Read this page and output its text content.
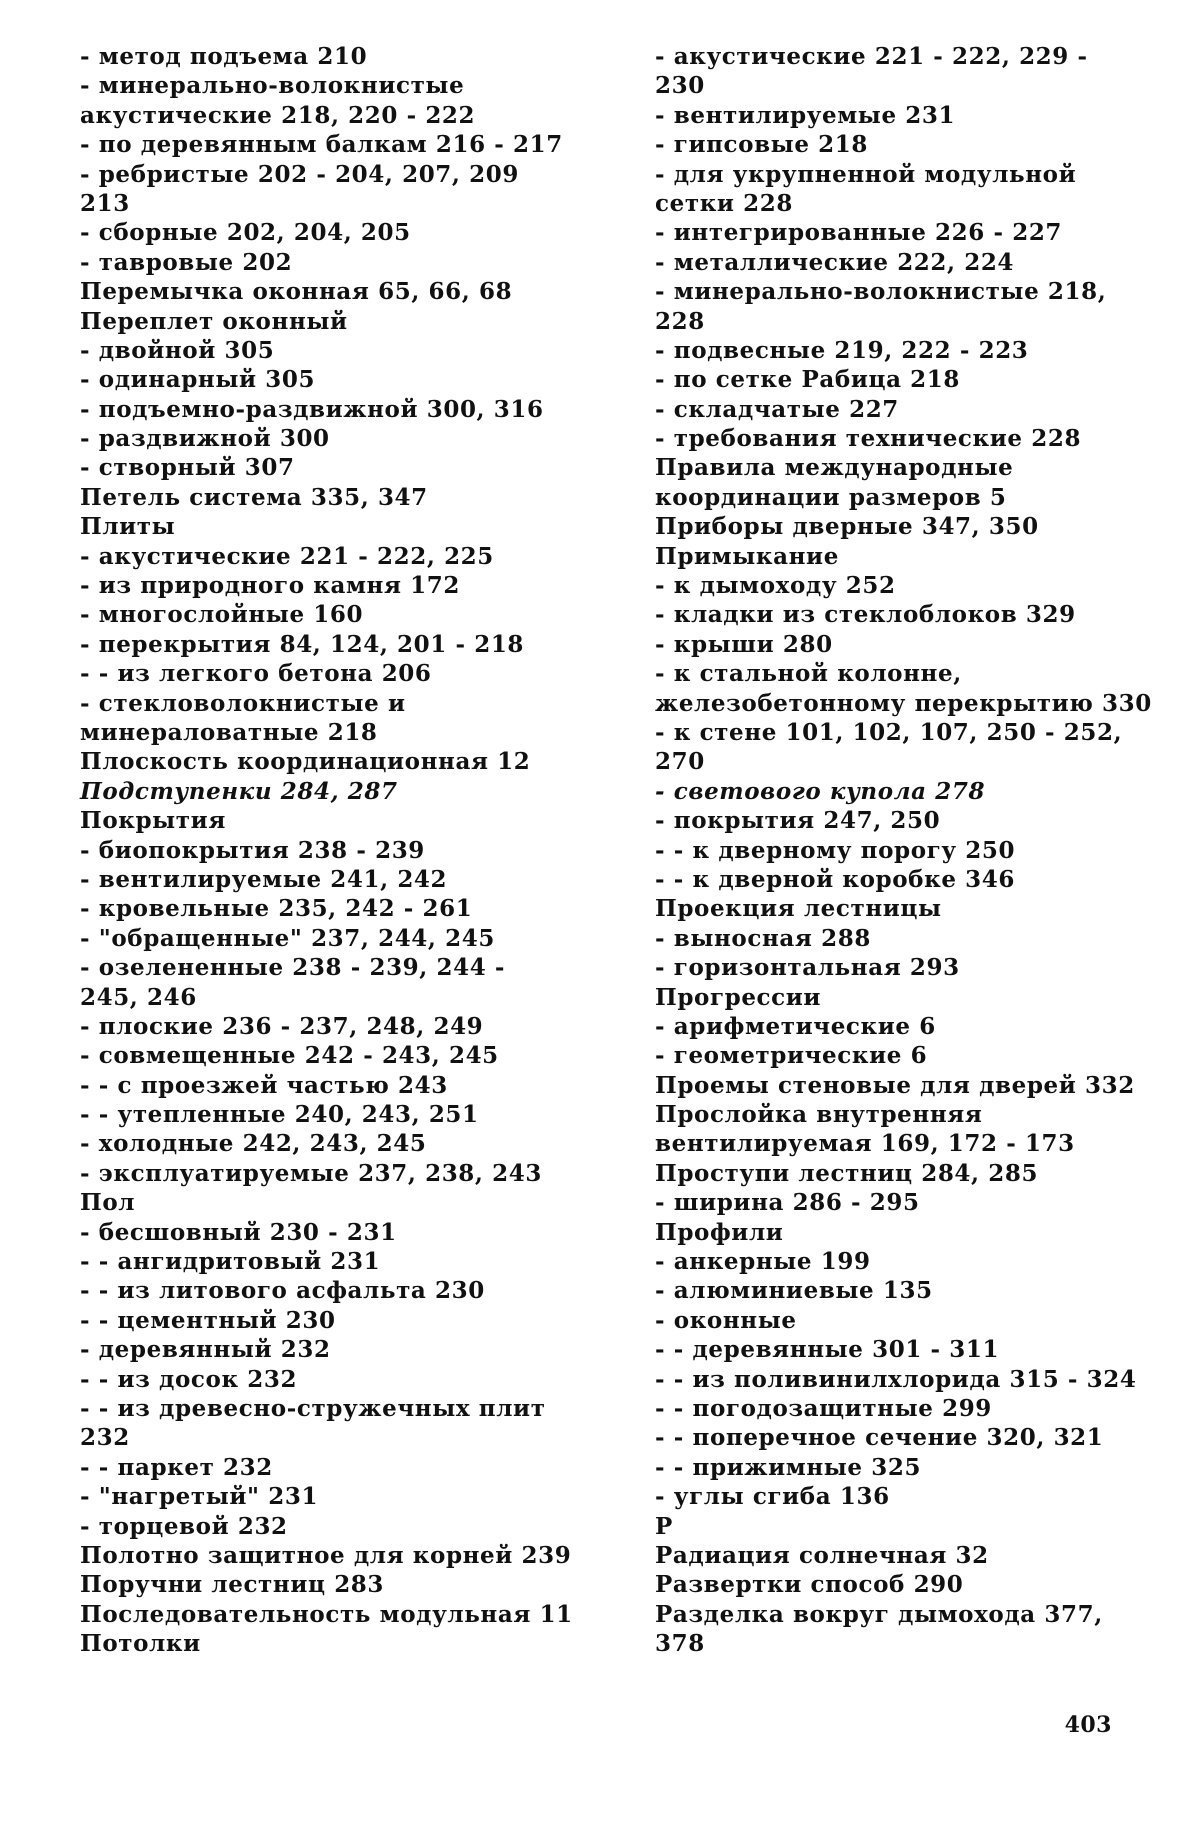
- метод подъема 210
- минерально-волокнистые
акустические 218, 220 - 222
- по деревянным балкам 216 - 217
- ребристые 202 - 204, 207, 209
213
- сборные 202, 204, 205
- тавровые 202
Перемычка оконная 65, 66, 68
Переплет оконный
- двойной 305
- одинарный 305
- подъемно-раздвижной 300, 316
- раздвижной 300
- створный 307
Петель система 335, 347
Плиты
- акустические 221 - 222, 225
- из природного камня 172
- многослойные 160
- перекрытия 84, 124, 201 - 218
- - из легкого бетона 206
- стекловолокнистые и
минераловатные 218
Плоскость координационная 12
Подступенки 284, 287
Покрытия
- биопокрытия 238 - 239
- вентилируемые 241, 242
- кровельные 235, 242 - 261
- "обращенные" 237, 244, 245
- озелененные 238 - 239, 244 -
245, 246
- плоские 236 - 237, 248, 249
- совмещенные 242 - 243, 245
- - с проезжей частью 243
- - утепленные 240, 243, 251
- холодные 242, 243, 245
- эксплуатируемые 237, 238, 243
Пол
- бесшовный 230 - 231
- - ангидритовый 231
- - из литового асфальта 230
- - цементный 230
- деревянный 232
- - из досок 232
- - из древесно-стружечных плит
232
- - паркет 232
- "нагретый" 231
- торцевой 232
Полотно защитное для корней 239
Поручни лестниц 283
Последовательность модульная 11
Потолки
- акустические 221 - 222, 229 -
230
- вентилируемые 231
- гипсовые 218
- для укрупненной модульной
сетки 228
- интегрированные 226 - 227
- металлические 222, 224
- минерально-волокнистые 218,
228
- подвесные 219, 222 - 223
- по сетке Рабица 218
- складчатые 227
- требования технические 228
Правила международные
координации размеров 5
Приборы дверные 347, 350
Примыкание
- к дымоходу 252
- кладки из стеклоблоков 329
- крыши 280
- к стальной колонне,
железобетонному перекрытию 330
- к стене 101, 102, 107, 250 - 252,
270
- светового купола 278
- покрытия 247, 250
- - к дверному порогу 250
- - к дверной коробке 346
Проекция лестницы
- выносная 288
- горизонтальная 293
Прогрессии
- арифметические 6
- геометрические 6
Проемы стеновые для дверей 332
Прослойка внутренняя
вентилируемая 169, 172 - 173
Проступи лестниц 284, 285
- ширина 286 - 295
Профили
- анкерные 199
- алюминиевые 135
- оконные
- - деревянные 301 - 311
- - из поливинилхлорида 315 - 324
- - погодозащитные 299
- - поперечное сечение 320, 321
- - прижимные 325
- углы сгиба 136
Р
Радиация солнечная 32
Развертки способ 290
Разделка вокруг дымохода 377,
378
403
